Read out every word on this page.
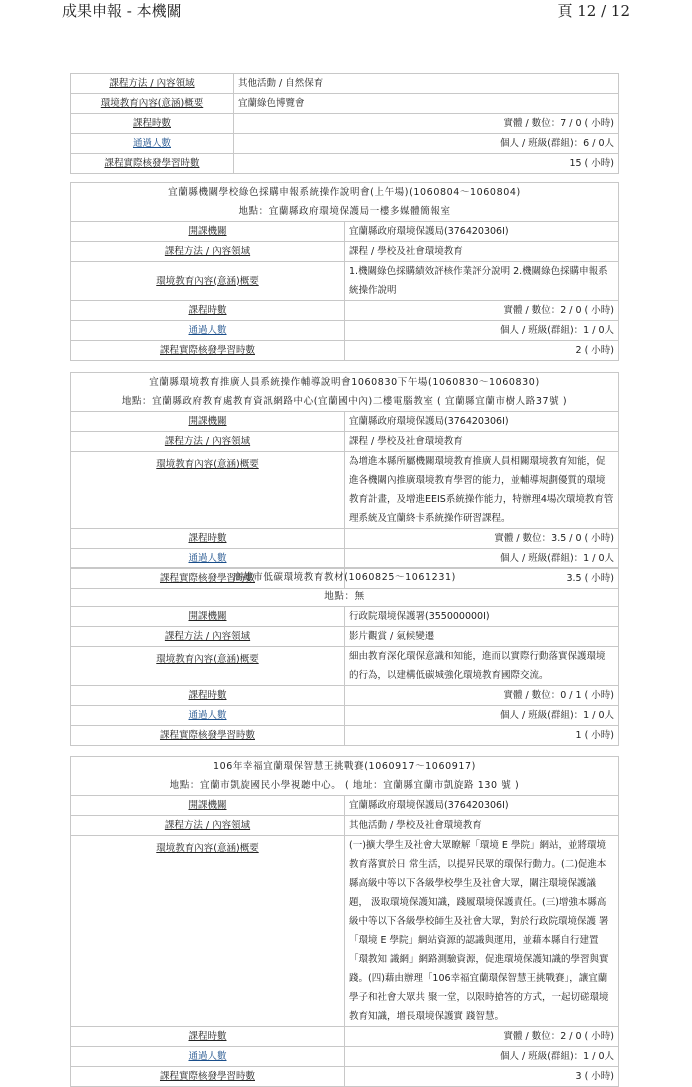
成果申報 - 本機關	頁 12 / 12
課程方法 / 內容領域	其他活動 / 自然保育
環境教育內容(意涵)概要	宜蘭綠色博覽會
課程時數	實體 / 數位：7 / 0 ( 小時)
通過人數	個人 / 班級(群組)：6 / 0人
課程實際核發學習時數	15 ( 小時)
宜蘭縣機關學校綠色採購申報系統操作說明會(上午場)(1060804～1060804)
地點：宜蘭縣政府環境保護局一樓多媒體簡報室	

開課機關	宜蘭縣政府環境保護局(376420306I)
課程方法 / 內容領域	課程 / 學校及社會環境教育
環境教育內容(意涵)概要	1.機關綠色採購績效評核作業評分說明 2.機關綠色採購申報系統操作說明
課程時數	實體 / 數位：2 / 0 ( 小時)
通過人數	個人 / 班級(群組)：1 / 0人
課程實際核發學習時數	2 ( 小時)
宜蘭縣環境教育推廣人員系統操作輔導說明會1060830下午場(1060830～1060830)
地點：宜蘭縣政府教育處教育資訊網路中心(宜蘭國中內)二樓電腦教室 ( 宜蘭縣宜蘭市樹人路37號 )	

開課機關	宜蘭縣政府環境保護局(376420306I)
課程方法 / 內容領域	課程 / 學校及社會環境教育
環境教育內容(意涵)概要	為增進本縣所屬機關環境教育推廣人員相關環境教育知能，促進各機關內推廣環境教育學習的能力，並輔導規劃優質的環境教育計畫，及增進EEIS系統操作能力，特辦理4場次環境教育管理系統及宜蘭終卡系統操作研習課程。
課程時數	實體 / 數位：3.5 / 0 ( 小時)
通過人數	個人 / 班級(群組)：1 / 0人
課程實際核發學習時數	3.5 ( 小時)
高雄市低碳環境教育教材(1060825～1061231)
地點：無	

開課機關	行政院環境保護署(355000000I)
課程方法 / 內容領域	影片觀賞 / 氣候變遷
環境教育內容(意涵)概要	細由教育深化環保意識和知能，進而以實際行動落實保護環境的行為，以建構低碳城強化環境教育國際交流。
課程時數	實體 / 數位：0 / 1 ( 小時)
通過人數	個人 / 班級(群組)：1 / 0人
課程實際核發學習時數	1 ( 小時)
106年幸福宜蘭環保智慧王挑戰賽(1060917～1060917)
地點：宜蘭市凱旋國民小學視聽中心。 ( 地址：宜蘭縣宜蘭市凱旋路 130 號 )	

開課機關	宜蘭縣政府環境保護局(376420306I)
課程方法 / 內容領域	其他活動 / 學校及社會環境教育
環境教育內容(意涵)概要	(一)擴大學生及社會大眾瞭解「環境 E 學院」網站，並將環境教育落實於日 常生活，以提昇民眾的環保行動力。(二)促進本縣高級中等以下各級學校學生及社會大眾，關注環境保護議題， 汲取環境保護知識，踐履環境保護責任。(三)增強本縣高級中等以下各級學校師生及社會大眾，對於行政院環境保護 署「環境 E 學院」網站資源的認識與運用，並藉本縣自行建置「環教知 識網」網路測驗資源，促進環境保護知識的學習與實踐。(四)藉由辦理「106幸福宜蘭環保智慧王挑戰賽」，讓宜蘭學子和社會大眾共 聚一堂，以限時搶答的方式，一起切磋環境教育知識，增長環境保護實 踐智慧。
課程時數	實體 / 數位：2 / 0 ( 小時)
通過人數	個人 / 班級(群組)：1 / 0人
課程實際核發學習時數	3 ( 小時)
